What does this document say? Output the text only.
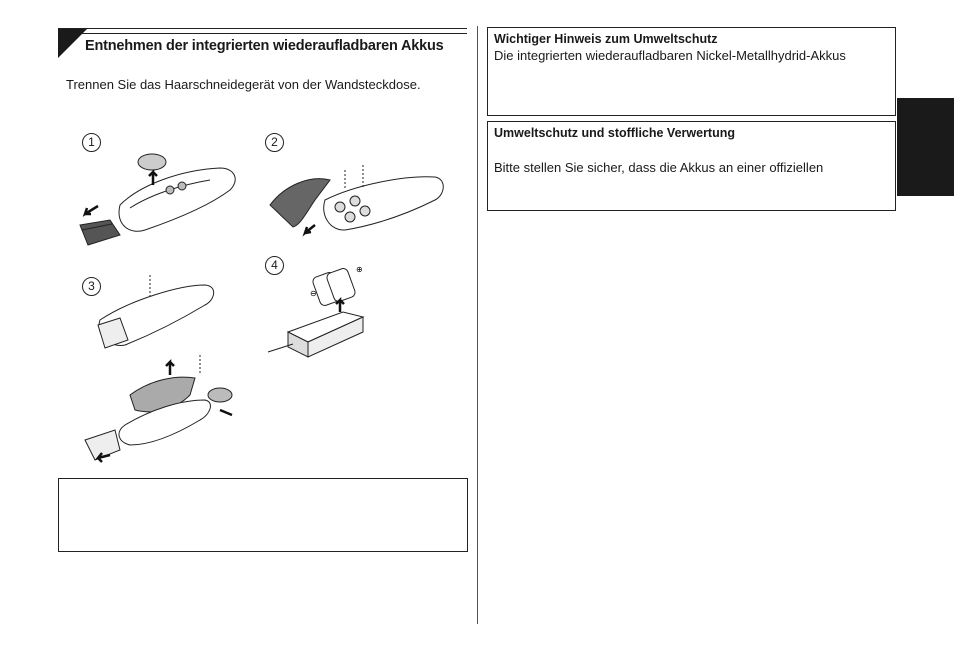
Entnehmen der integrierten wiederaufladbaren Akkus
Trennen Sie das Haarschneidegerät von der Wandsteckdose.
1	2
3
4	⊕
⊖
Wichtiger Hinweis zum Umweltschutz
Die integrierten wiederaufladbaren Nickel-Metallhydrid-Akkus
Umweltschutz und stoffliche Verwertung
Bitte stellen Sie sicher, dass die Akkus an einer offiziellen	Deutsch
